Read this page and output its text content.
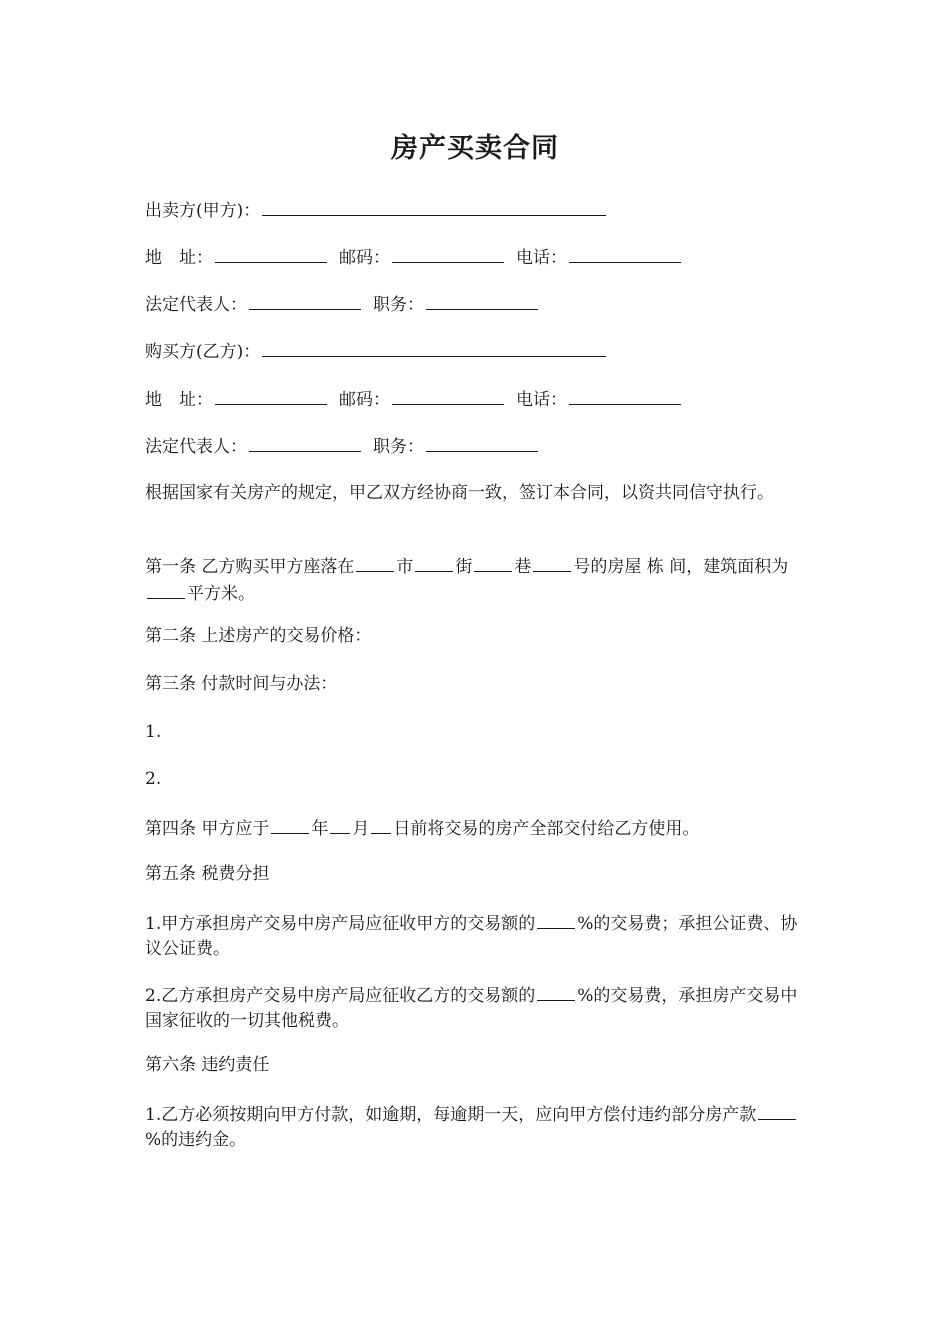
房产买卖合同

出卖方(甲方)：

地　址：	邮码：	电话：

法定代表人：	职务：

购买方(乙方)：

地　址：	邮码：	电话：

法定代表人：	职务：

根据国家有关房产的规定，甲乙双方经协商一致，签订本合同，以资共同信守执行。

第一条 乙方购买甲方座落在 市 街 巷 号的房屋 栋 间，建筑面积为平方米。

第二条 上述房产的交易价格：

第三条 付款时间与办法：

1.

2.

第四条 甲方应于 年 月 日前将交易的房产全部交付给乙方使用。

第五条 税费分担

1.甲方承担房产交易中房产局应征收甲方的交易额的 %的交易费；承担公证费、协议公证费。

2.乙方承担房产交易中房产局应征收乙方的交易额的 %的交易费，承担房产交易中国家征收的一切其他税费。

第六条 违约责任

1.乙方必须按期向甲方付款，如逾期，每逾期一天，应向甲方偿付违约部分房产款%的违约金。
